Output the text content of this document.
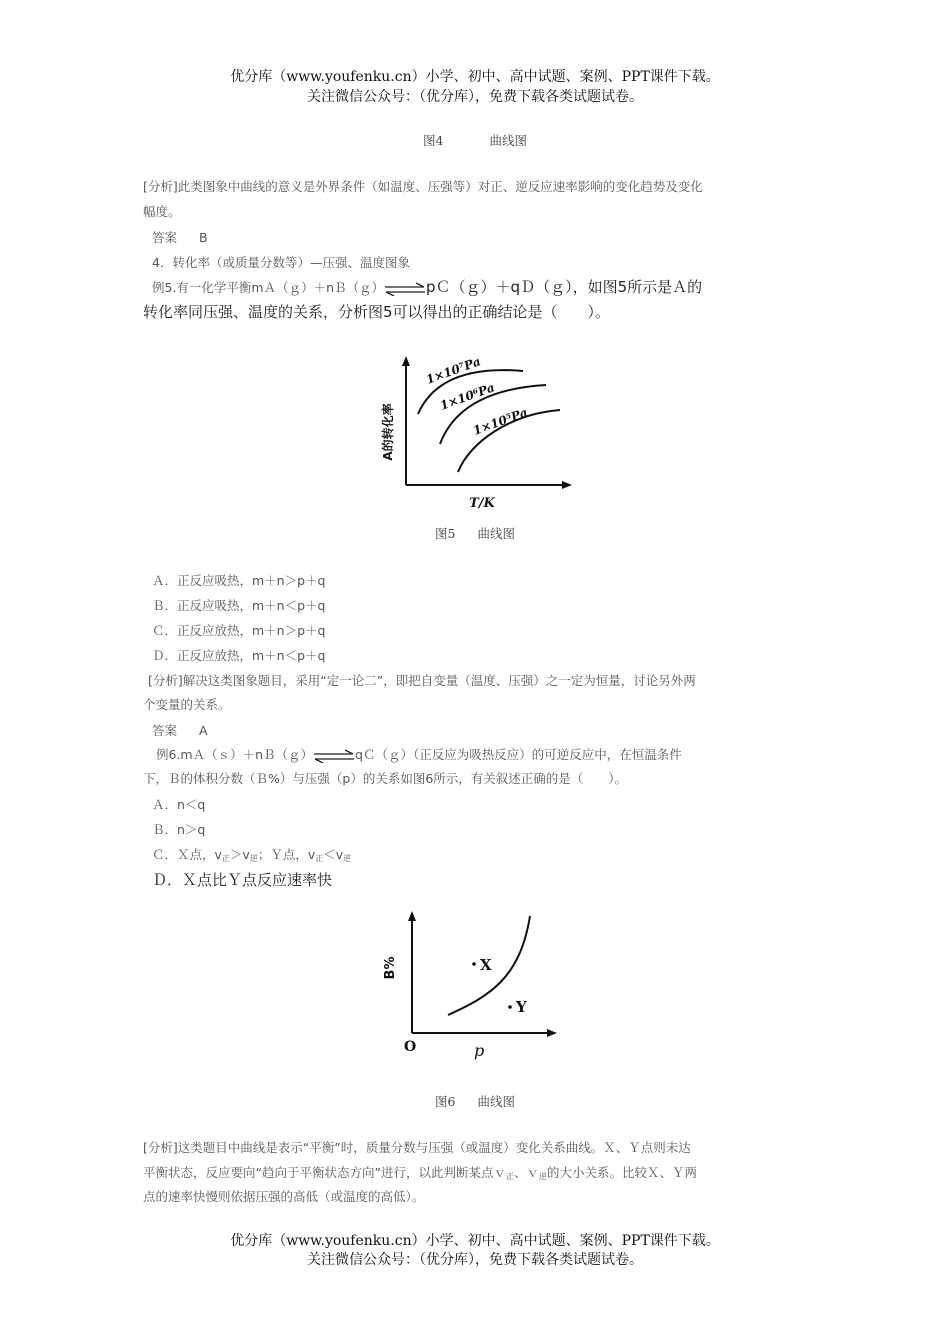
优分库（www.youfenku.cn）小学、初中、高中试题、案例、PPT课件下载。
关注微信公众号：（优分库），免费下载各类试题试卷。
图4	曲线图
[分析]此类图象中曲线的意义是外界条件（如温度、压强等）对正、逆反应速率影响的变化趋势及变化
幅度。
答案 B
4．转化率（或质量分数等）—压强、温度图象
例5.有一化学平衡mＡ（ｇ）＋nＢ（ｇ）⇌pＣ（ｇ）＋qＤ（ｇ），如图5所示是Ａ的
转化率同压强、温度的关系，分析图5可以得出的正确结论是（　　）。
1×10⁷Pa
1×10⁶Pa
1×10⁵Pa
A的转化率
T/K
图5 曲线图
Ａ．正反应吸热，m＋n＞p＋q
Ｂ．正反应吸热，m＋n＜p＋q
Ｃ．正反应放热，m＋n＞p＋q
Ｄ．正反应放热，m＋n＜p＋q
[分析]解决这类图象题目，采用“定一论二”，即把自变量（温度、压强）之一定为恒量，讨论另外两
个变量的关系。
答案 A
例6.mＡ（ｓ）＋nＢ（ｇ）⇌qＣ（ｇ）（正反应为吸热反应）的可逆反应中，在恒温条件
下，Ｂ的体积分数（Ｂ%）与压强（p）的关系如图6所示，有关叙述正确的是（　　）。
Ａ．n＜q
Ｂ．n＞q
Ｃ．Ｘ点，$v_正>v_逆$；Ｙ点，$v_正<v_逆$
Ｄ．Ｘ点比Ｙ点反应速率快
X
Y
B%
O	p
图6 曲线图
[分析]这类题目中曲线是表示“平衡”时，质量分数与压强（或温度）变化关系曲线。Ｘ、Ｙ点则未达
平衡状态，反应要向“趋向于平衡状态方向”进行，以此判断某点ｖ$_正$、ｖ$_逆$的大小关系。比较Ｘ、Ｙ两
点的速率快慢则依据压强的高低（或温度的高低）。
优分库（www.youfenku.cn）小学、初中、高中试题、案例、PPT课件下载。
关注微信公众号：（优分库），免费下载各类试题试卷。
